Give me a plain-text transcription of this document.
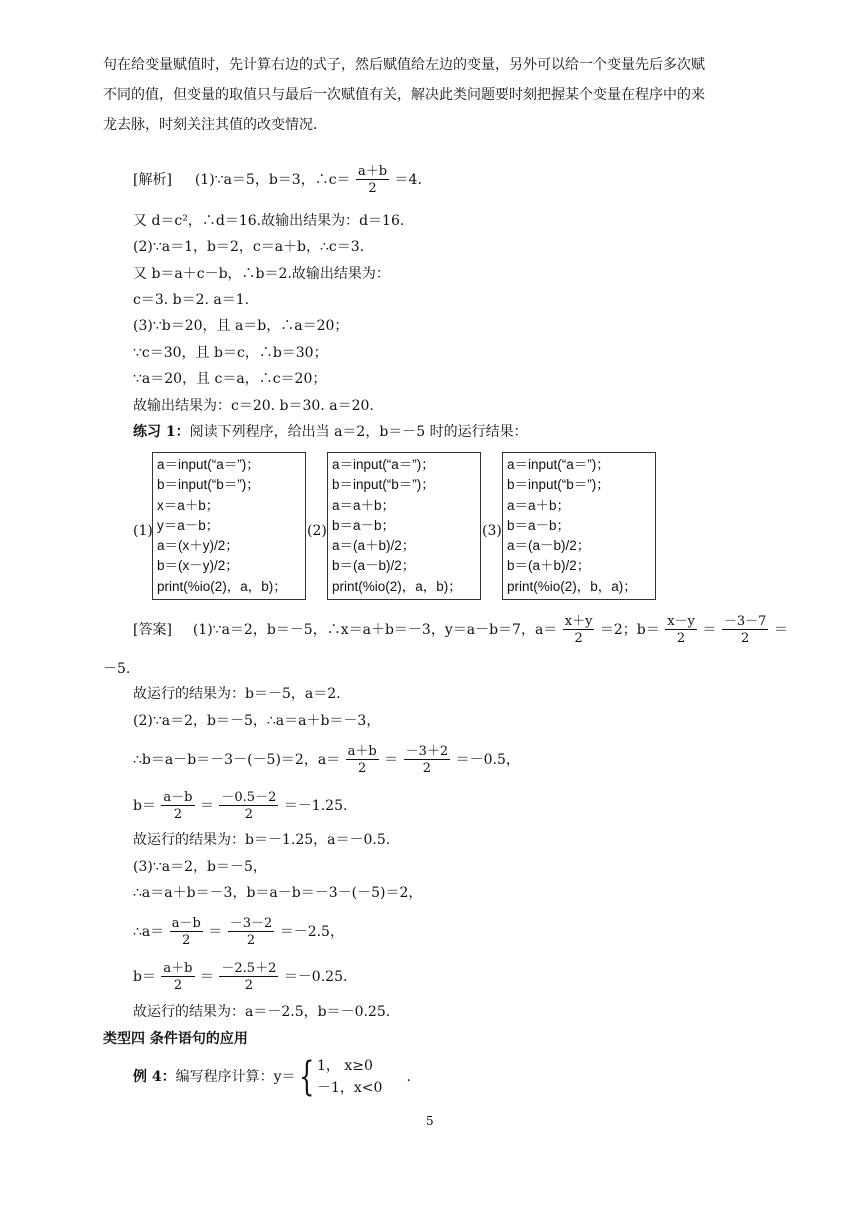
句在给变量赋值时，先计算右边的式子，然后赋值给左边的变量，另外可以给一个变量先后多次赋
不同的值，但变量的取值只与最后一次赋值有关，解决此类问题要时刻把握某个变量在程序中的来
龙去脉，时刻关注其值的改变情况．
[解析] (1)∵a＝5，b＝3，∴c＝ $\frac{a+b}{2} =4$.
又 d＝c²，∴d＝16.故输出结果为：d＝16.
(2)∵a＝1，b＝2，c＝a＋b，∴c＝3.
又 b＝a＋c－b，∴b＝2.故输出结果为：
c＝3. b＝2. a＝1.
(3)∵b＝20，且 a＝b，∴a＝20；
∵c＝30，且 b＝c，∴b＝30；
∵a＝20，且 c＝a，∴c＝20；
故输出结果为：c＝20. b＝30. a＝20.
练习 1：阅读下列程序，给出当 a＝2，b＝－5 时的运行结果：
(1)
a＝input(“a＝”)；
b＝input(“b＝”)；
x＝a＋b；
y＝a－b；
a＝(x＋y)/2；
b＝(x－y)/2；
print(%io(2)，a，b)；
(2)
a＝input(“a＝”)；
b＝input(“b＝”)；
a＝a＋b；
b＝a－b；
a＝(a＋b)/2；
b＝(a－b)/2；
print(%io(2)，a，b)；
(3)
a＝input(“a＝”)；
b＝input(“b＝”)；
a＝a＋b；
b＝a－b；
a＝(a－b)/2；
b＝(a＋b)/2；
print(%io(2)，b，a)；
[答案] (1)∵a＝2，b＝－5，∴x＝a＋b＝－3，y＝a－b＝7，$a= \frac{x+y}{2} =2$；$b= \frac{x-y}{2} = \frac{-3-7}{2}$ ＝
－5.
故运行的结果为：b＝－5，a＝2.
(2)∵a＝2，b＝－5，∴a＝a＋b＝－3，
∴b＝a－b＝－3－(－5)＝2，$a= \frac{a+b}{2} = \frac{-3+2}{2} =-0.5$，
$b= \frac{a-b}{2} = \frac{-0.5-2}{2} =-1.25$.
故运行的结果为：b＝－1.25，a＝－0.5.
(3)∵a＝2，b＝－5，
∴a＝a＋b＝－3，b＝a－b＝－3－(－5)＝2，
∴a＝ $\frac{a-b}{2} = \frac{-3-2}{2} =-2.5$，
$b= \frac{a+b}{2} = \frac{-2.5+2}{2} =-0.25$.
故运行的结果为：a＝－2.5，b＝－0.25.
类型四 条件语句的应用
例 4：编写程序计算：y＝{ 1， x≥0
－1，x<0
.
5
